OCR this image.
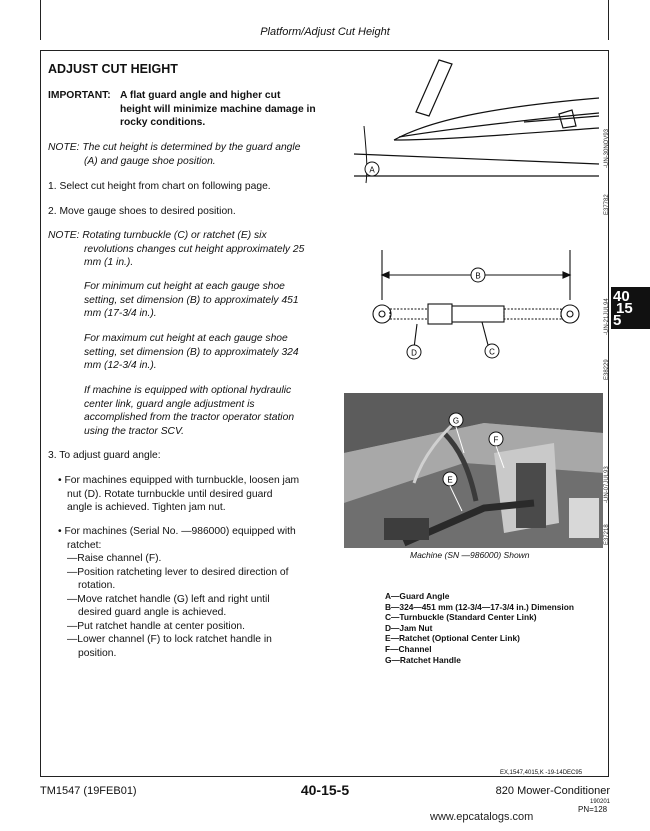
Platform/Adjust Cut Height
ADJUST CUT HEIGHT
IMPORTANT: A flat guard angle and higher cut
height will minimize machine damage in
rocky conditions.
NOTE: The cut height is determined by the guard angle
(A) and gauge shoe position.
1. Select cut height from chart on following page.
2. Move gauge shoes to desired position.
NOTE: Rotating turnbuckle (C) or ratchet (E) six
revolutions changes cut height approximately 25
mm (1 in.).
For minimum cut height at each gauge shoe
setting, set dimension (B) to approximately 451
mm (17-3/4 in.).
For maximum cut height at each gauge shoe
setting, set dimension (B) to approximately 324
mm (12-3/4 in.).
If machine is equipped with optional hydraulic
center link, guard angle adjustment is
accomplished from the tractor operator station
using the tractor SCV.
3. To adjust guard angle:
• For machines equipped with turnbuckle, loosen jam
nut (D). Rotate turnbuckle until desired guard
angle is achieved. Tighten jam nut.
• For machines (Serial No. —986000) equipped with
ratchet:
—Raise channel (F).
—Position ratcheting lever to desired direction of
rotation.
—Move ratchet handle (G) left and right until
desired guard angle is achieved.
—Put ratchet handle at center position.
—Lower channel (F) to lock ratchet handle in
position.
A
B
D	C
G
F
E
Machine (SN —986000) Shown
-UN-30NOV93
E37782
-UN-21JUL94
E38229
-UN-07JUL93
E37218
40
15
5
A—Guard Angle
B—324—451 mm (12-3/4—17-3/4 in.) Dimension
C—Turnbuckle (Standard Center Link)
D—Jam Nut
E—Ratchet (Optional Center Link)
F—Channel
G—Ratchet Handle
EX,1547,4015,K -19-14DEC95
TM1547 (19FEB01)	40-15-5	820 Mower-Conditioner
190201
PN=128
www.epcatalogs.com
